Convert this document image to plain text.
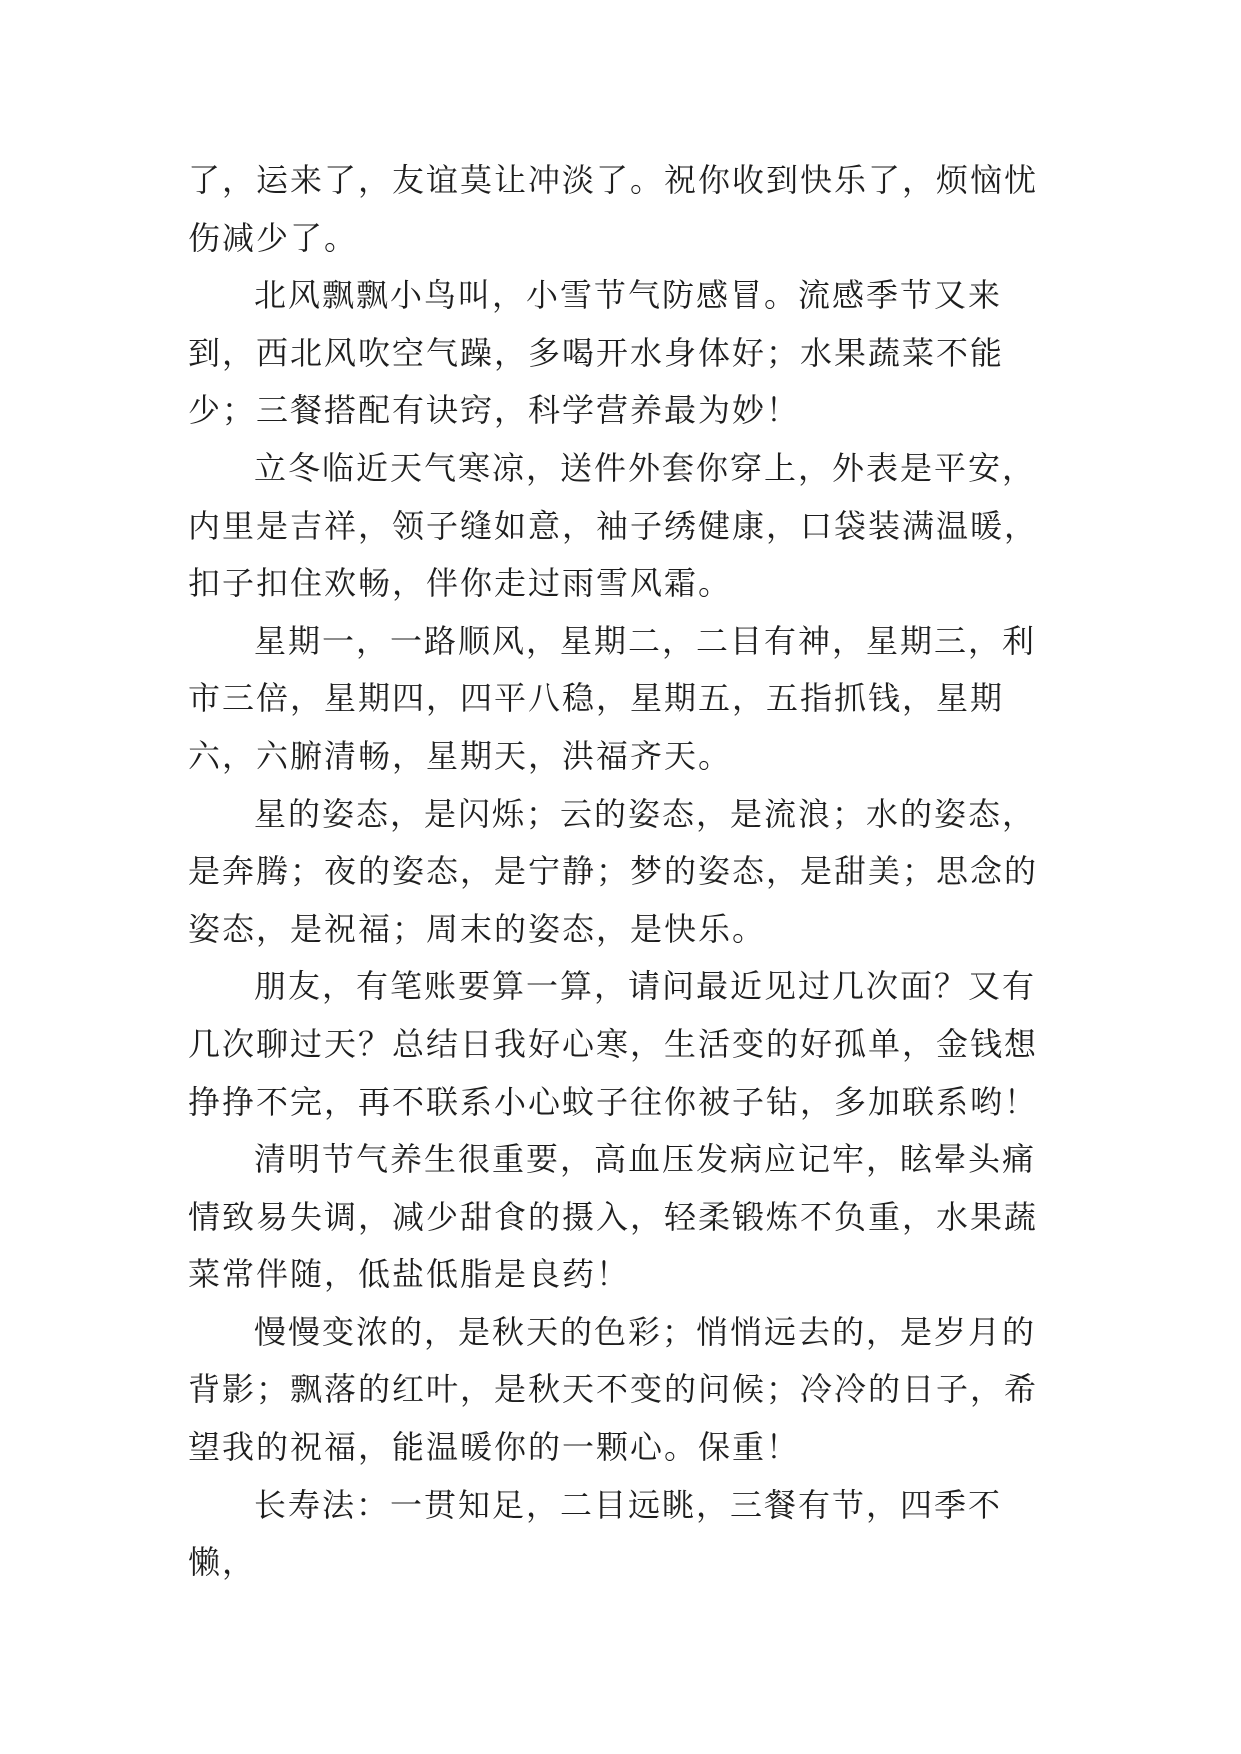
了，运来了，友谊莫让冲淡了。祝你收到快乐了，烦恼忧伤减少了。

北风飘飘小鸟叫，小雪节气防感冒。流感季节又来到，西北风吹空气躁，多喝开水身体好；水果蔬菜不能少；三餐搭配有诀窍，科学营养最为妙！

立冬临近天气寒凉，送件外套你穿上，外表是平安，内里是吉祥，领子缝如意，袖子绣健康，口袋装满温暖，扣子扣住欢畅，伴你走过雨雪风霜。

星期一，一路顺风，星期二，二目有神，星期三，利市三倍，星期四，四平八稳，星期五，五指抓钱，星期六，六腑清畅，星期天，洪福齐天。

星的姿态，是闪烁；云的姿态，是流浪；水的姿态，是奔腾；夜的姿态，是宁静；梦的姿态，是甜美；思念的姿态，是祝福；周末的姿态，是快乐。

朋友，有笔账要算一算，请问最近见过几次面？又有几次聊过天？总结日我好心寒，生活变的好孤单，金钱想挣挣不完，再不联系小心蚊子往你被子钻，多加联系哟！

清明节气养生很重要，高血压发病应记牢，眩晕头痛情致易失调，减少甜食的摄入，轻柔锻炼不负重，水果蔬菜常伴随，低盐低脂是良药！

慢慢变浓的，是秋天的色彩；悄悄远去的，是岁月的背影；飘落的红叶，是秋天不变的问候；冷冷的日子，希望我的祝福，能温暖你的一颗心。保重！

长寿法：一贯知足，二目远眺，三餐有节，四季不懒，
